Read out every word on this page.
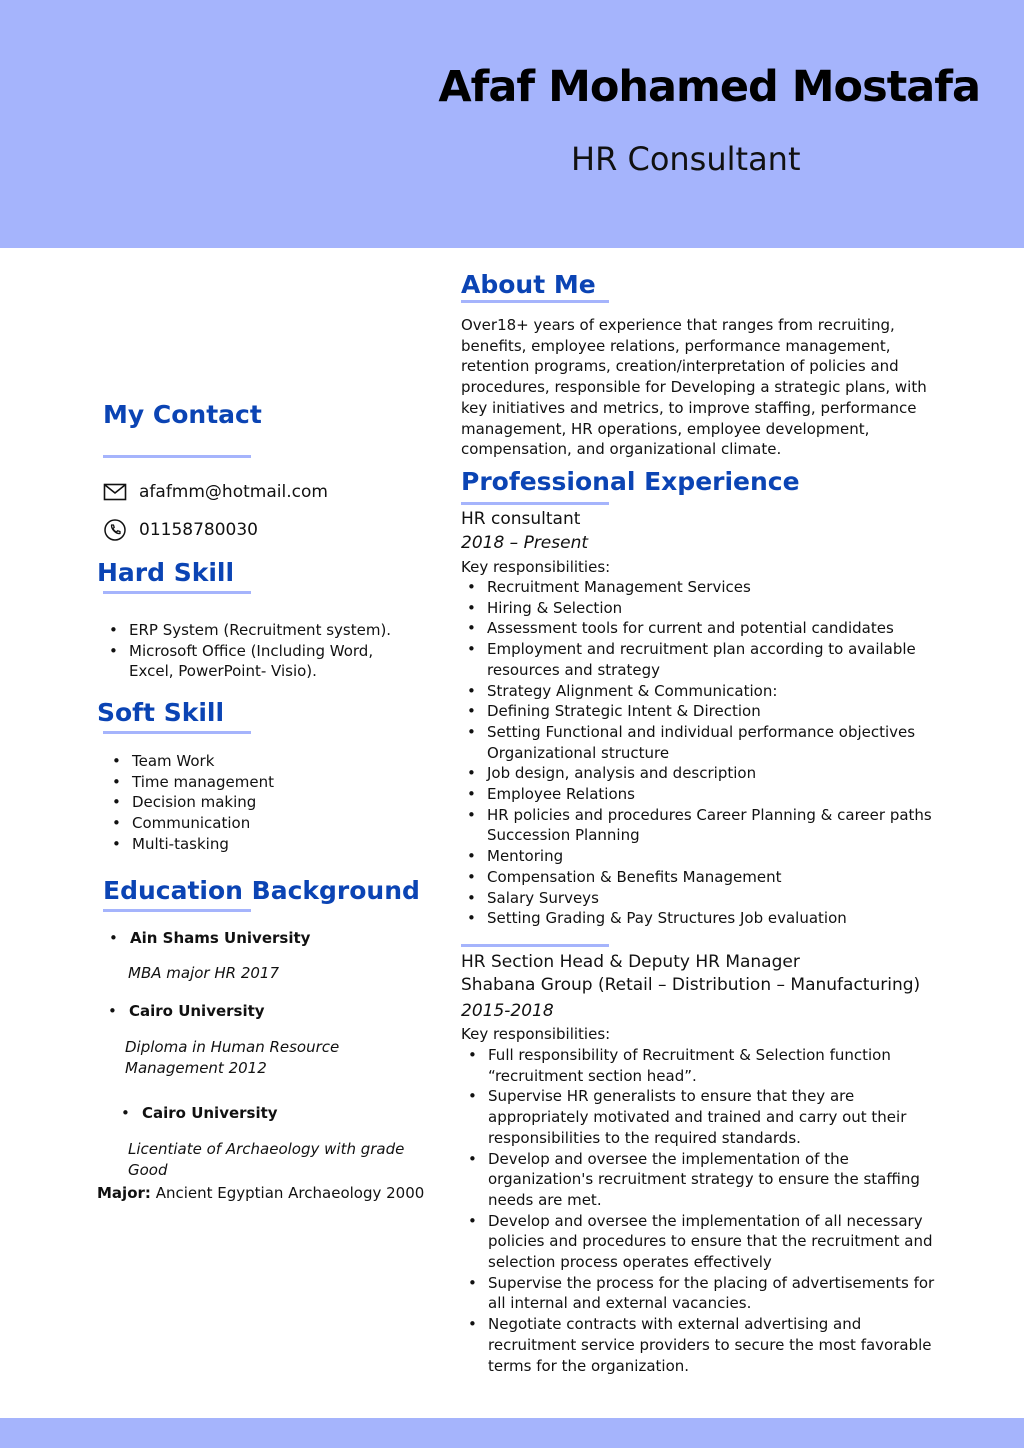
Afaf Mohamed Mostafa
HR Consultant
My Contact
afafmm@hotmail.com
01158780030
Hard Skill
• ERP System (Recruitment system).
• Microsoft Office (Including Word, Excel, PowerPoint- Visio).
Soft Skill
• Team Work
• Time management
• Decision making
• Communication
• Multi-tasking
Education Background
• Ain Shams University
MBA major HR 2017
• Cairo University
Diploma in Human Resource Management 2012
• Cairo University
Licentiate of Archaeology with grade Good
Major: Ancient Egyptian Archaeology 2000
About Me
Over18+ years of experience that ranges from recruiting, benefits, employee relations, performance management, retention programs, creation/interpretation of policies and procedures, responsible for Developing a strategic plans, with key initiatives and metrics, to improve staffing, performance management, HR operations, employee development, compensation, and organizational climate.
Professional Experience
HR consultant
2018 – Present
Key responsibilities:
• Recruitment Management Services
• Hiring & Selection
• Assessment tools for current and potential candidates
• Employment and recruitment plan according to available resources and strategy
• Strategy Alignment & Communication:
• Defining Strategic Intent & Direction
• Setting Functional and individual performance objectives Organizational structure
• Job design, analysis and description
• Employee Relations
• HR policies and procedures Career Planning & career paths Succession Planning
• Mentoring
• Compensation & Benefits Management
• Salary Surveys
• Setting Grading & Pay Structures Job evaluation
HR Section Head & Deputy HR Manager
Shabana Group (Retail – Distribution – Manufacturing)
2015-2018
Key responsibilities:
• Full responsibility of Recruitment & Selection function “recruitment section head”.
• Supervise HR generalists to ensure that they are appropriately motivated and trained and carry out their responsibilities to the required standards.
• Develop and oversee the implementation of the organization's recruitment strategy to ensure the staffing needs are met.
• Develop and oversee the implementation of all necessary policies and procedures to ensure that the recruitment and selection process operates effectively
• Supervise the process for the placing of advertisements for all internal and external vacancies.
• Negotiate contracts with external advertising and recruitment service providers to secure the most favorable terms for the organization.
